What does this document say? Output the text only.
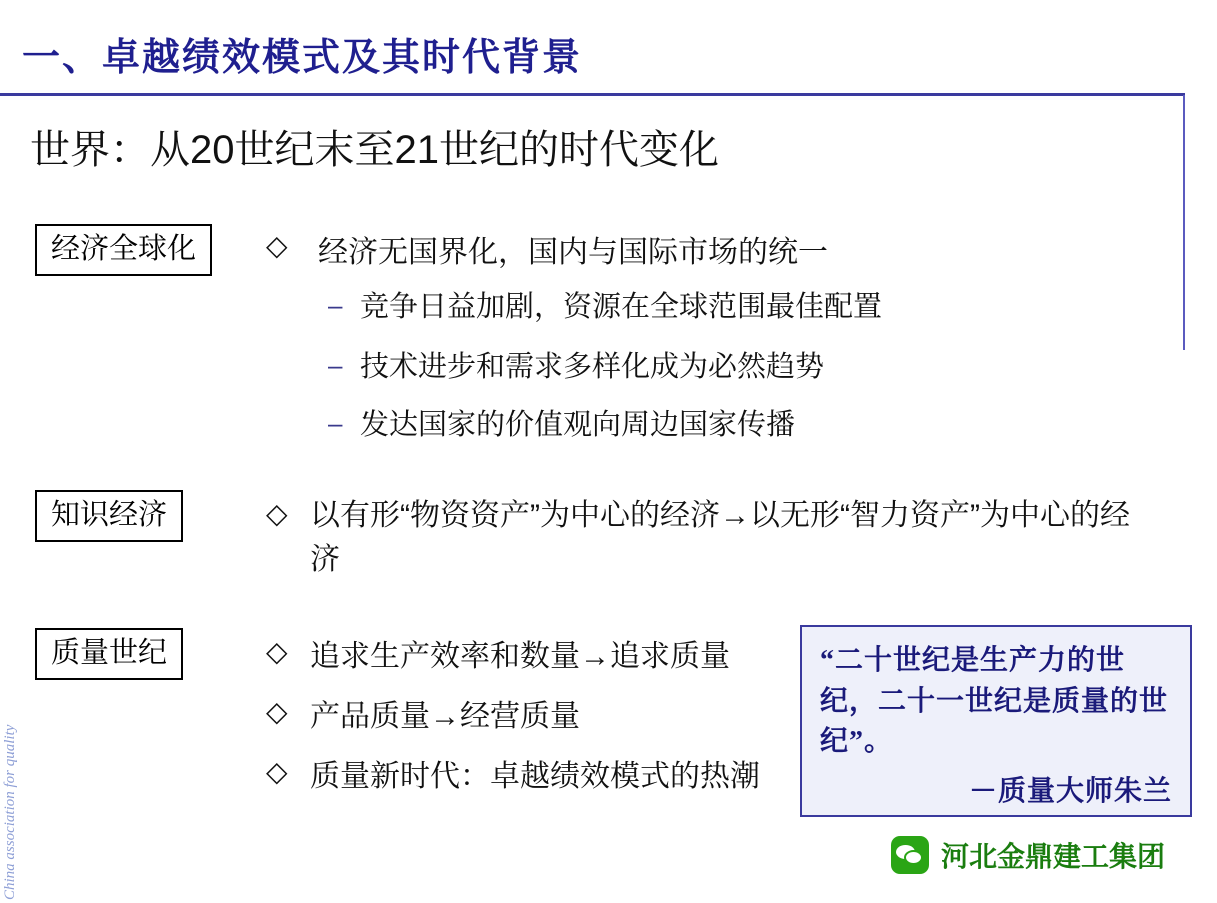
一、卓越绩效模式及其时代背景
世界：从20世纪末至21世纪的时代变化
经济全球化	◇ 经济无国界化，国内与国际市场的统一
– 竞争日益加剧，资源在全球范围最佳配置
– 技术进步和需求多样化成为必然趋势
– 发达国家的价值观向周边国家传播
知识经济	◇ 以有形“物资资产”为中心的经济→以无形“智力资产”为中心的经济
质量世纪	◇ 追求生产效率和数量→追求质量
◇ 产品质量→经营质量
◇ 质量新时代：卓越绩效模式的热潮
“二十世纪是生产力的世纪，二十一世纪是质量的世纪”。
－质量大师朱兰
China association for quality	河北金鼎建工集团
